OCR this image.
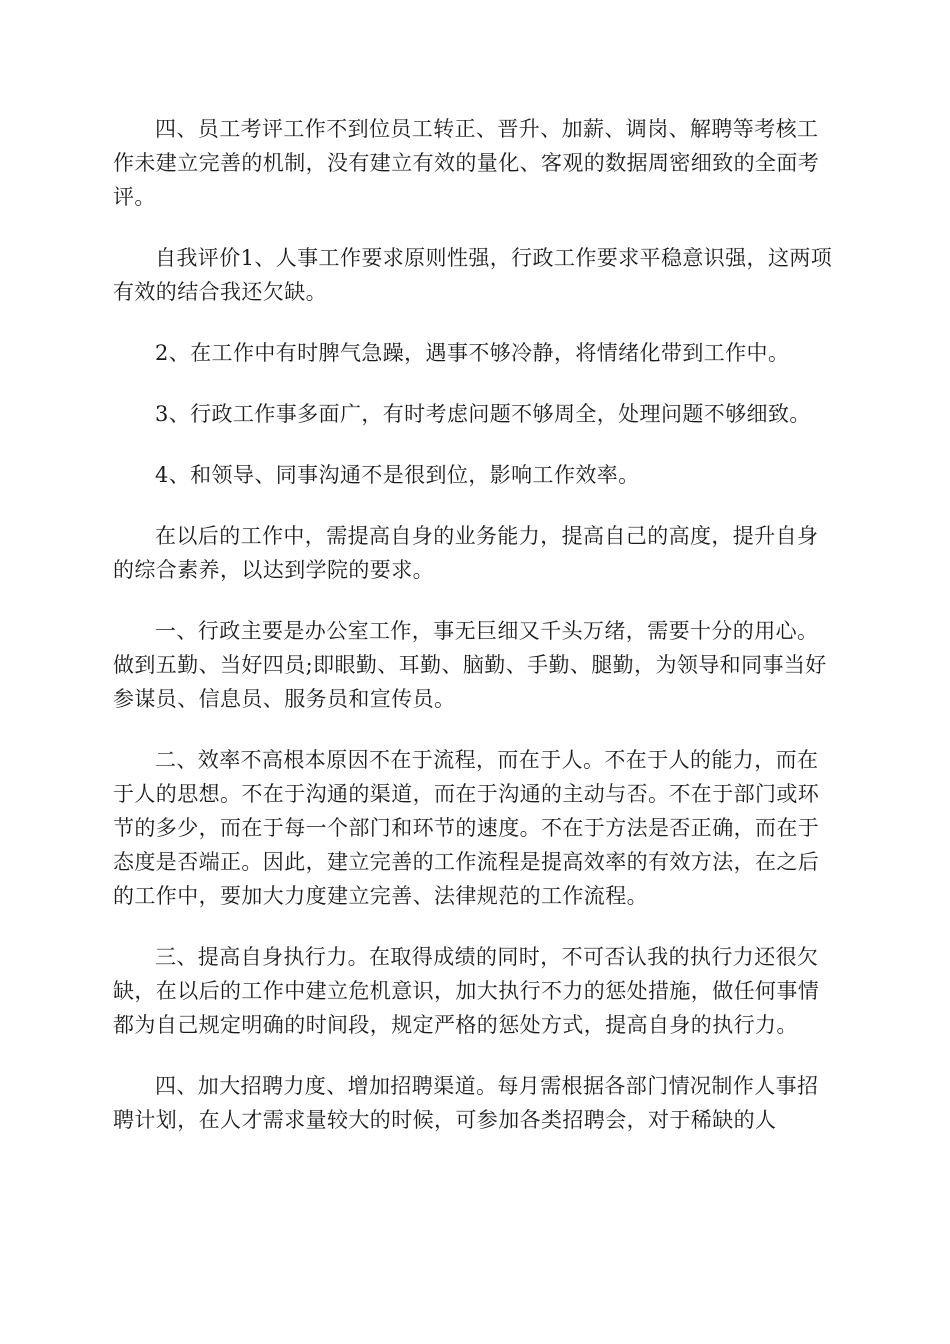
四、员工考评工作不到位员工转正、晋升、加薪、调岗、解聘等考核工作未建立完善的机制，没有建立有效的量化、客观的数据周密细致的全面考评。

自我评价1、人事工作要求原则性强，行政工作要求平稳意识强，这两项有效的结合我还欠缺。

2、在工作中有时脾气急躁，遇事不够冷静，将情绪化带到工作中。

3、行政工作事多面广，有时考虑问题不够周全，处理问题不够细致。

4、和领导、同事沟通不是很到位，影响工作效率。

在以后的工作中，需提高自身的业务能力，提高自己的高度，提升自身的综合素养，以达到学院的要求。

一、行政主要是办公室工作，事无巨细又千头万绪，需要十分的用心。做到五勤、当好四员;即眼勤、耳勤、脑勤、手勤、腿勤，为领导和同事当好参谋员、信息员、服务员和宣传员。

二、效率不高根本原因不在于流程，而在于人。不在于人的能力，而在于人的思想。不在于沟通的渠道，而在于沟通的主动与否。不在于部门或环节的多少，而在于每一个部门和环节的速度。不在于方法是否正确，而在于态度是否端正。因此，建立完善的工作流程是提高效率的有效方法，在之后的工作中，要加大力度建立完善、法律规范的工作流程。

三、提高自身执行力。在取得成绩的同时，不可否认我的执行力还很欠缺，在以后的工作中建立危机意识，加大执行不力的惩处措施，做任何事情都为自己规定明确的时间段，规定严格的惩处方式，提高自身的执行力。

四、加大招聘力度、增加招聘渠道。每月需根据各部门情况制作人事招聘计划，在人才需求量较大的时候，可参加各类招聘会，对于稀缺的人
